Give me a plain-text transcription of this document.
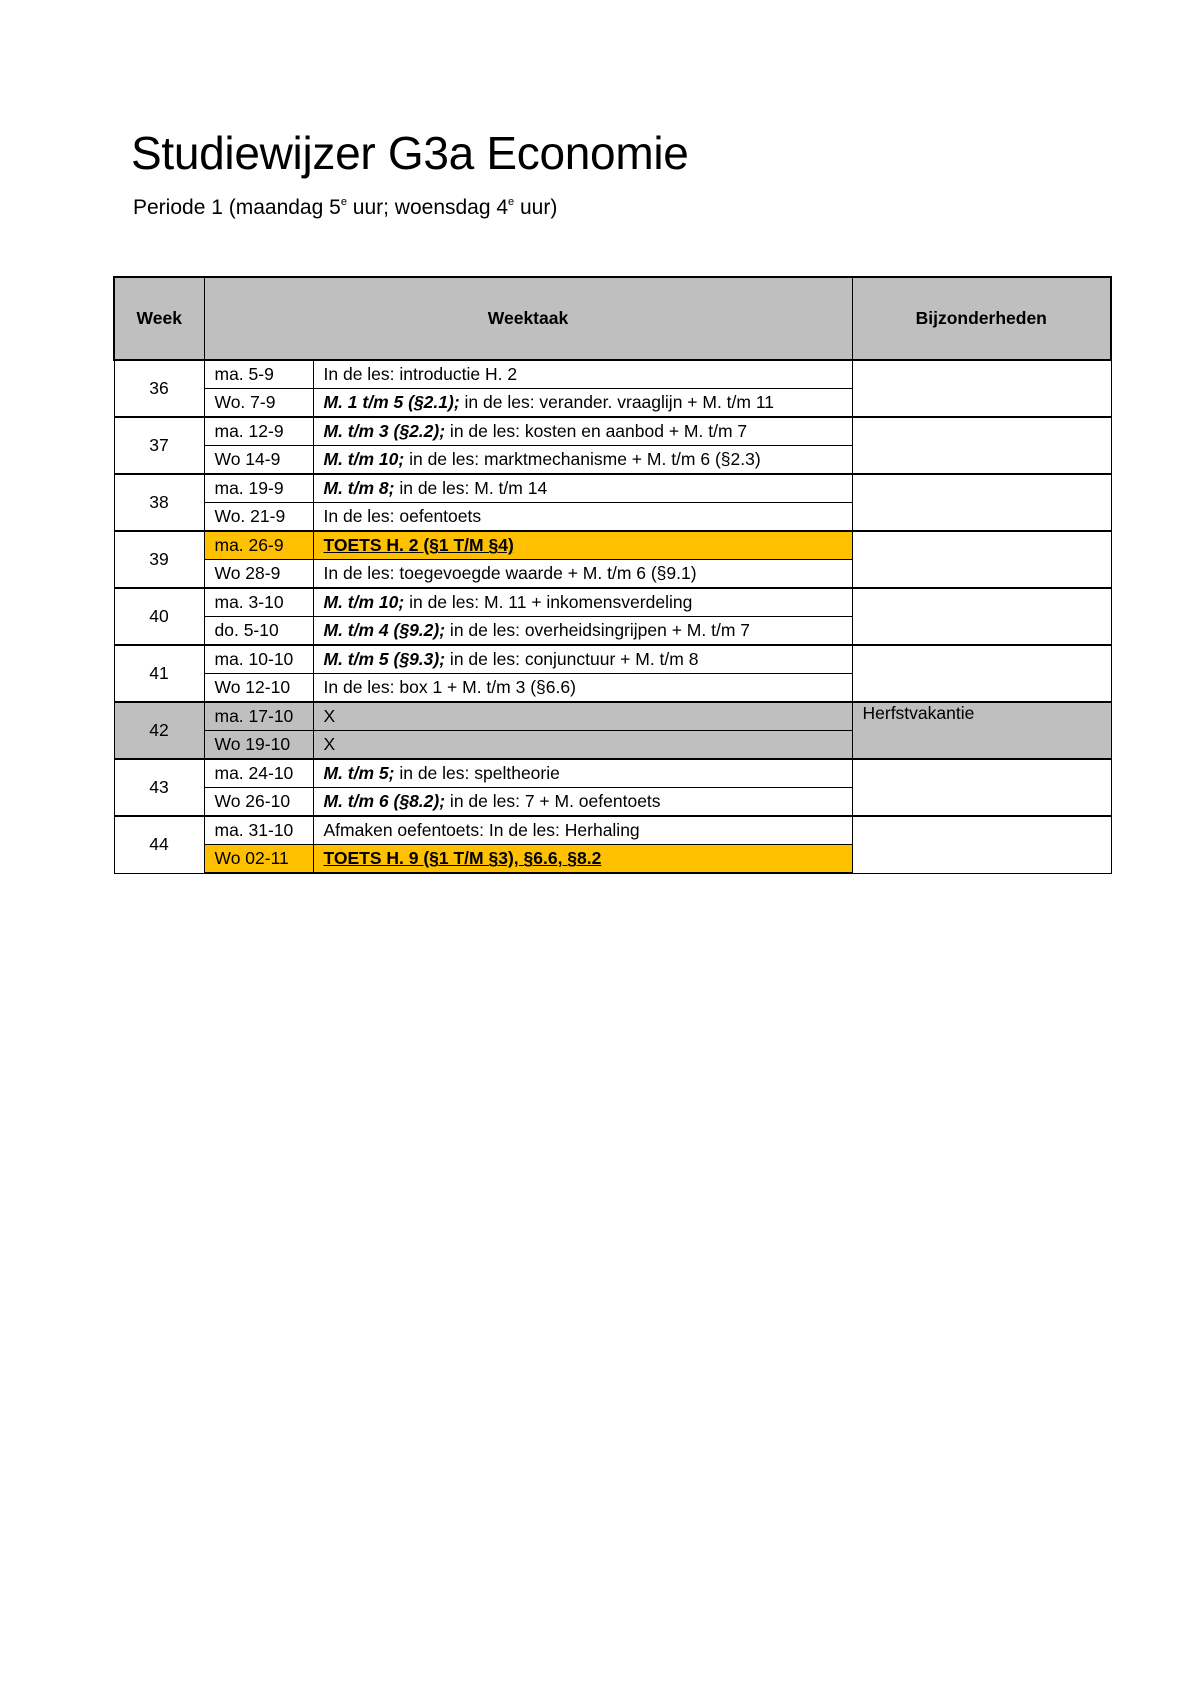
Studiewijzer G3a Economie

Periode 1 (maandag 5e uur; woensdag 4e uur)

Week	Weektaak		Bijzonderheden
36	ma. 5-9	In de les: introductie H. 2	
	Wo. 7-9	M. 1 t/m 5 (§2.1); in de les: verander. vraaglijn + M. t/m 11	
37	ma. 12-9	M. t/m 3 (§2.2); in de les: kosten en aanbod + M. t/m 7	
	Wo 14-9	M. t/m 10; in de les: marktmechanisme + M. t/m 6 (§2.3)	
38	ma. 19-9	M. t/m 8; in de les: M. t/m 14	
	Wo. 21-9	In de les: oefentoets	
39	ma. 26-9	TOETS H. 2 (§1 T/M §4)	
	Wo 28-9	In de les: toegevoegde waarde + M. t/m 6 (§9.1)	
40	ma. 3-10	M. t/m 10; in de les: M. 11 + inkomensverdeling	
	do. 5-10	M. t/m 4 (§9.2); in de les: overheidsingrijpen + M. t/m 7	
41	ma. 10-10	M. t/m 5 (§9.3); in de les: conjunctuur + M. t/m 8	
	Wo 12-10	In de les: box 1 + M. t/m 3 (§6.6)	
42	ma. 17-10	X	Herfstvakantie
	Wo 19-10	X	
43	ma. 24-10	M. t/m 5; in de les: speltheorie	
	Wo 26-10	M. t/m 6 (§8.2); in de les: 7 + M. oefentoets	
44	ma. 31-10	Afmaken oefentoets: In de les: Herhaling	
	Wo 02-11	TOETS H. 9 (§1 T/M §3), §6.6, §8.2	
